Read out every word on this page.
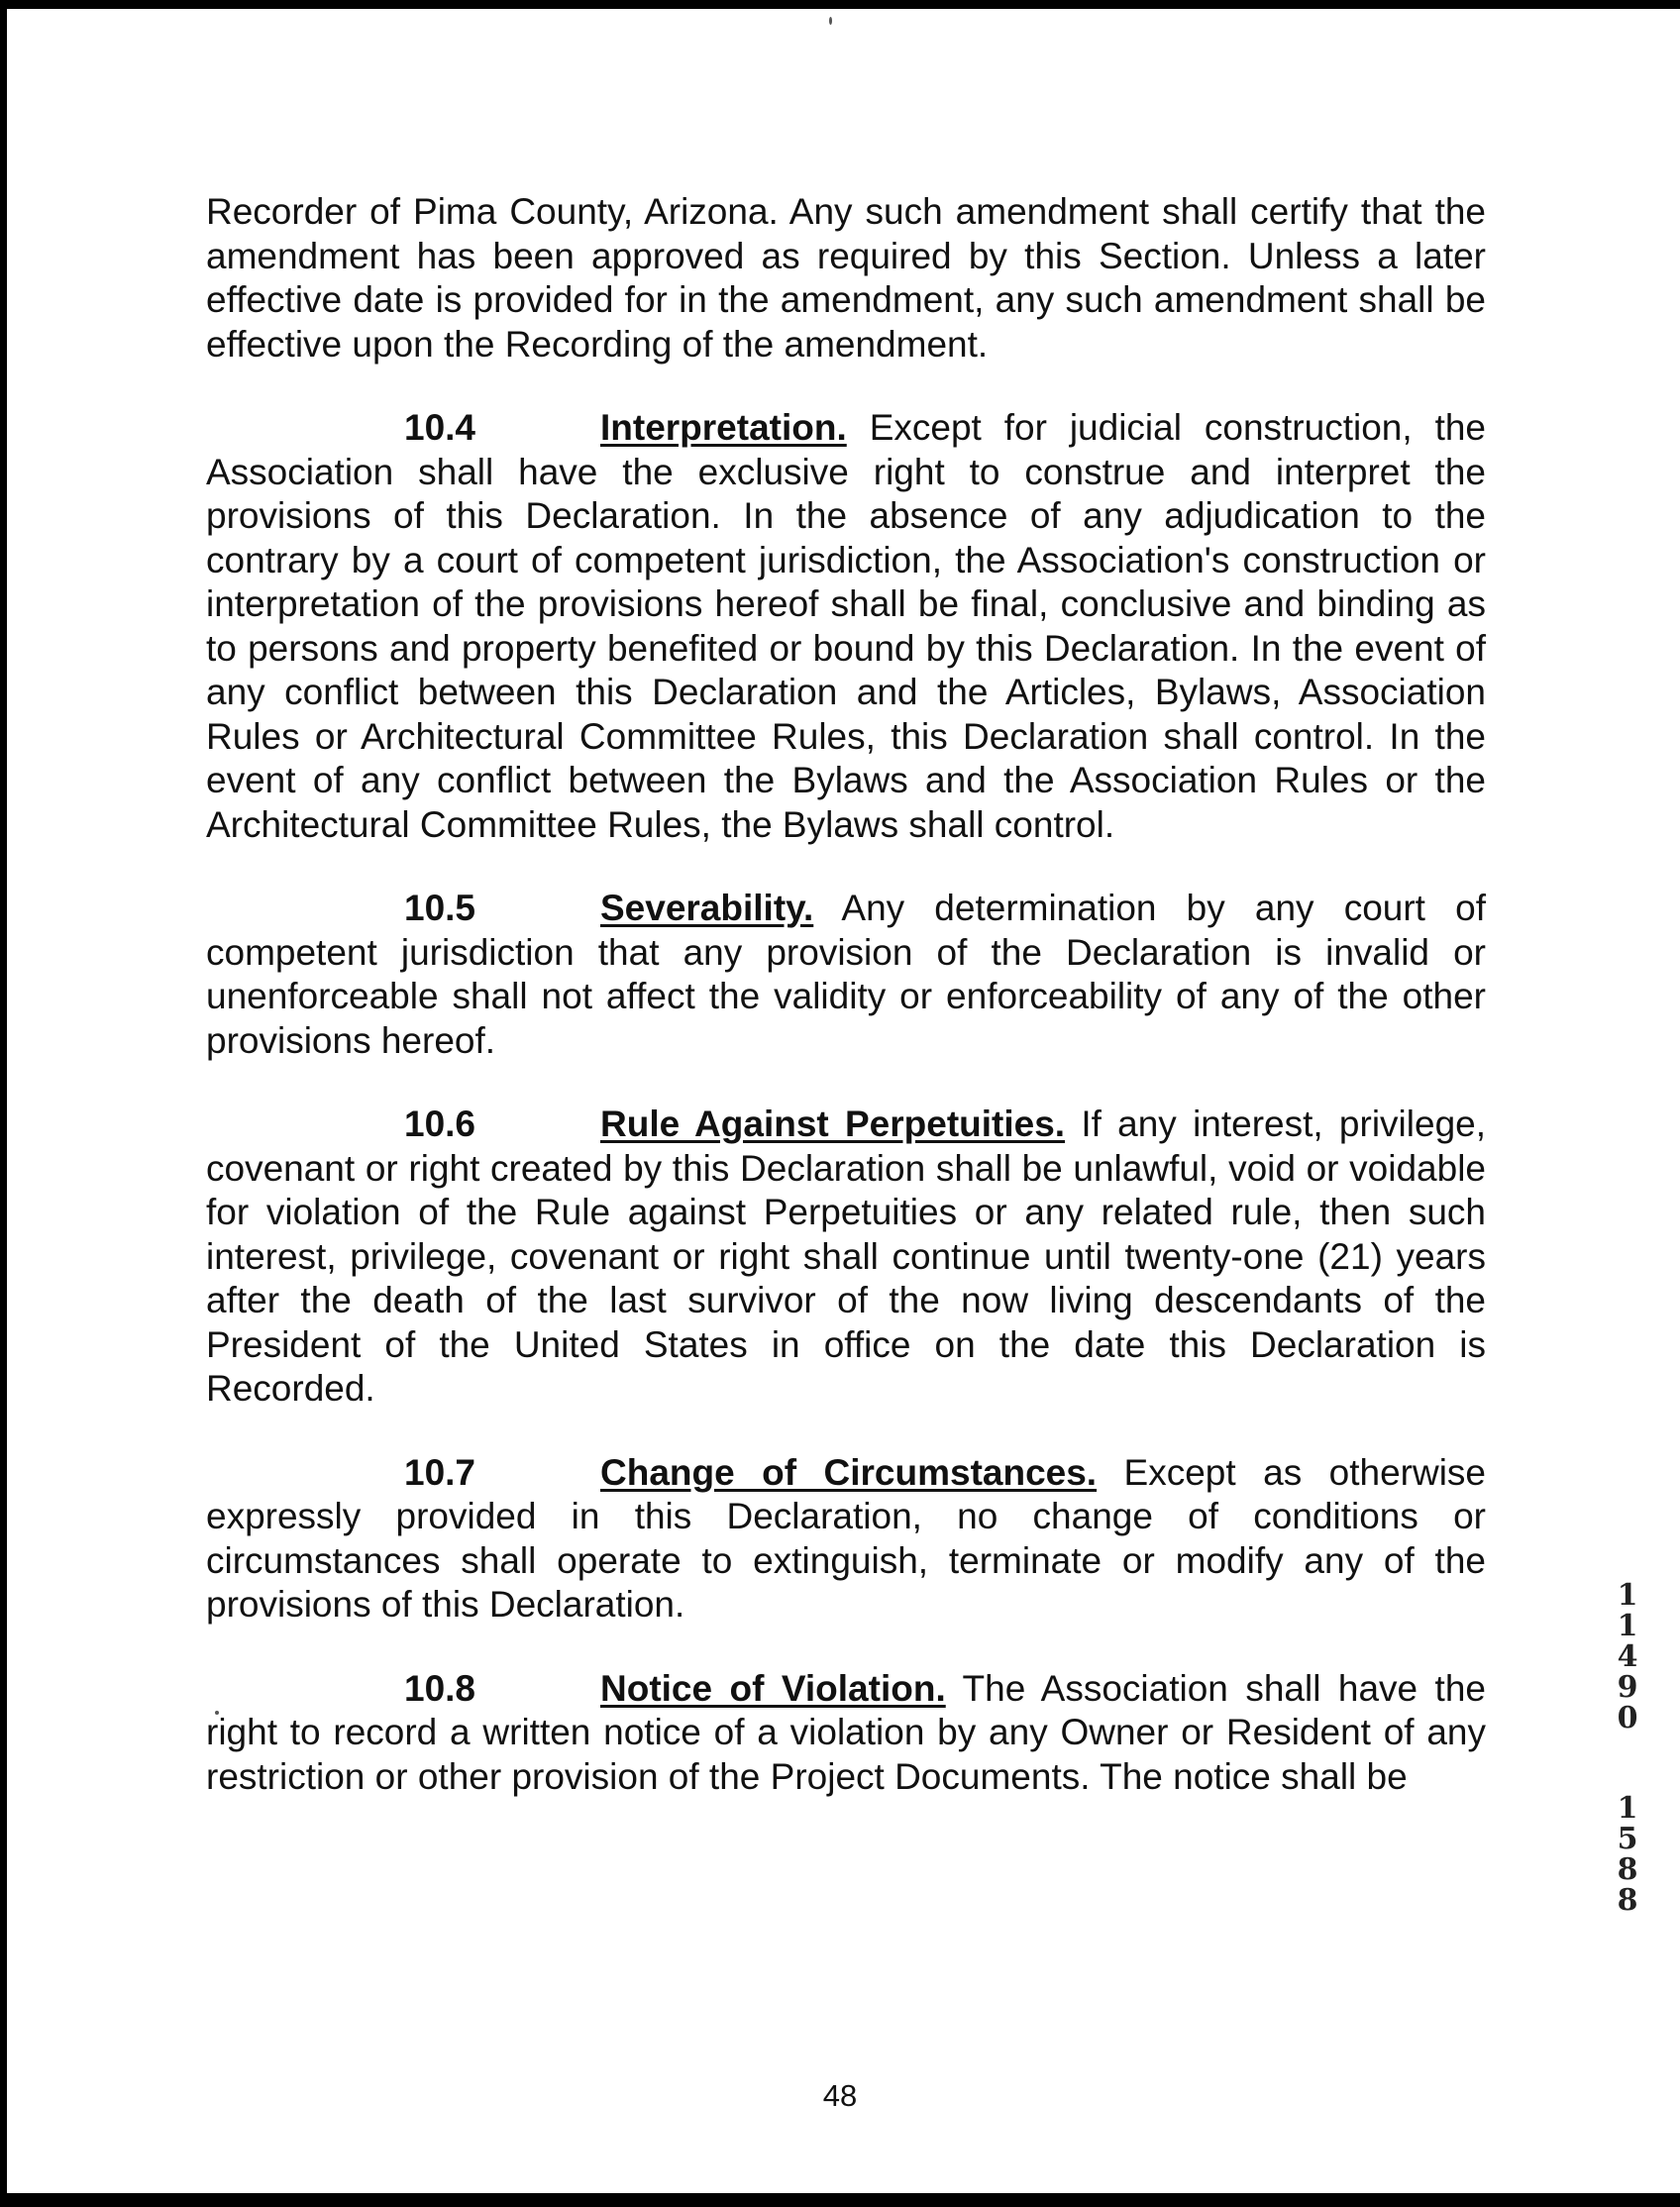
Recorder of Pima County, Arizona. Any such amendment shall certify that the amendment has been approved as required by this Section. Unless a later effective date is provided for in the amendment, any such amendment shall be effective upon the Recording of the amendment.

10.4	Interpretation. Except for judicial construction, the Association shall have the exclusive right to construe and interpret the provisions of this Declaration. In the absence of any adjudication to the contrary by a court of competent jurisdiction, the Association's construction or interpretation of the provisions hereof shall be final, conclusive and binding as to persons and property benefited or bound by this Declaration. In the event of any conflict between this Declaration and the Articles, Bylaws, Association Rules or Architectural Committee Rules, this Declaration shall control. In the event of any conflict between the Bylaws and the Association Rules or the Architectural Committee Rules, the Bylaws shall control.

10.5	Severability. Any determination by any court of competent jurisdiction that any provision of the Declaration is invalid or unenforceable shall not affect the validity or enforceability of any of the other provisions hereof.

10.6	Rule Against Perpetuities. If any interest, privilege, covenant or right created by this Declaration shall be unlawful, void or voidable for violation of the Rule against Perpetuities or any related rule, then such interest, privilege, covenant or right shall continue until twenty-one (21) years after the death of the last survivor of the now living descendants of the President of the United States in office on the date this Declaration is Recorded.

10.7	Change of Circumstances. Except as otherwise expressly provided in this Declaration, no change of conditions or circumstances shall operate to extinguish, terminate or modify any of the provisions of this Declaration.

10.8	Notice of Violation. The Association shall have the right to record a written notice of a violation by any Owner or Resident of any restriction or other provision of the Project Documents. The notice shall be

48
1
1
4
9
0
1
5
8
8
